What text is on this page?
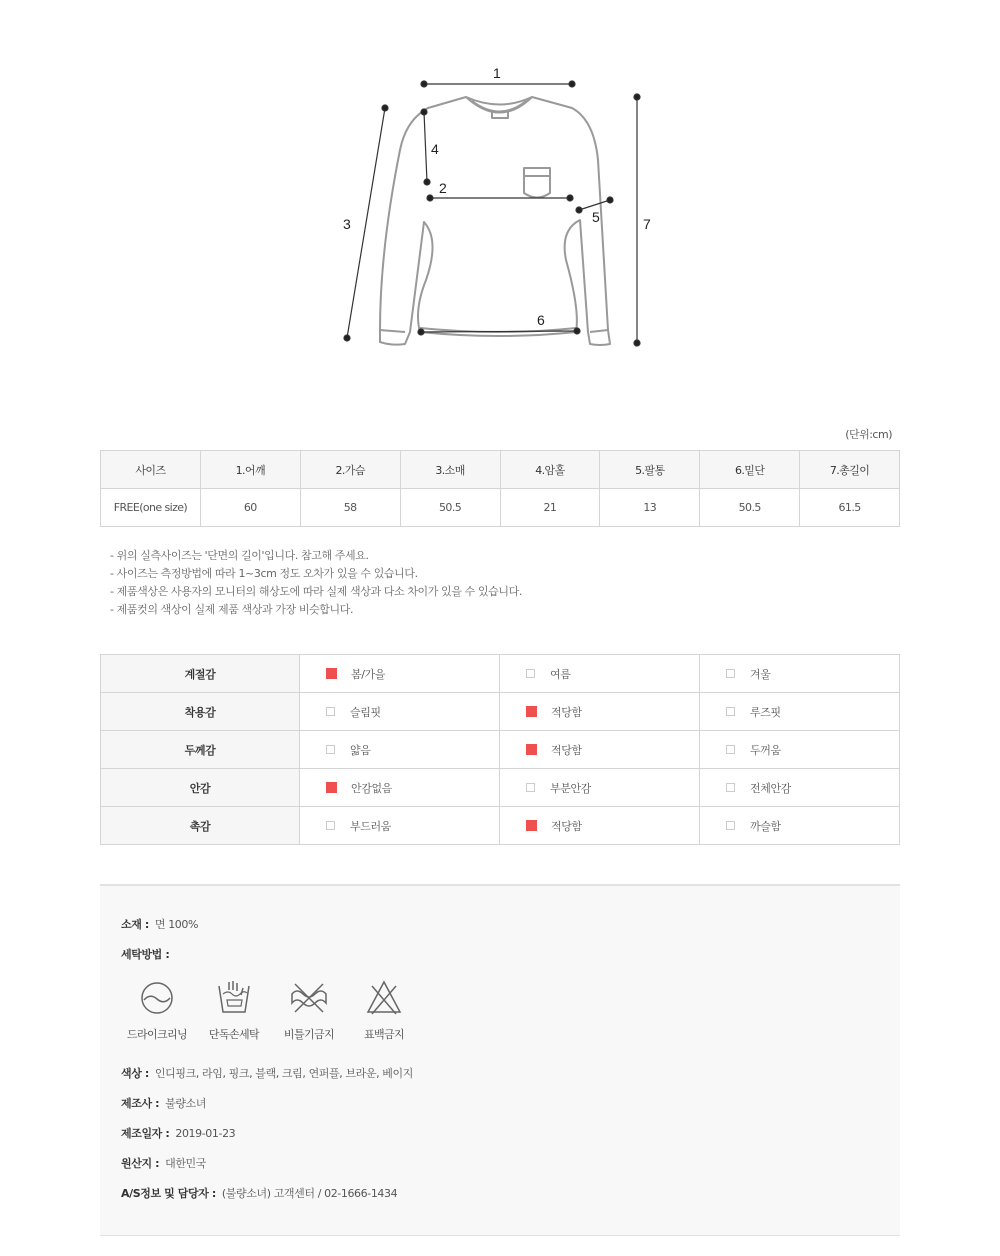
1
2
3
4
5
6
7
(단위:cm)
사이즈	1.어깨	2.가슴	3.소매	4.암홀	5.팔통	6.밑단	7.총길이
FREE(one size)	60	58	50.5	21	13	50.5	61.5
- 위의 실측사이즈는 '단면의 길이'입니다. 참고해 주세요.
- 사이즈는 측정방법에 따라 1~3cm 정도 오차가 있을 수 있습니다.
- 제품색상은 사용자의 모니터의 해상도에 따라 실제 색상과 다소 차이가 있을 수 있습니다.
- 제품컷의 색상이 실제 제품 색상과 가장 비슷합니다.
계절감	봄/가을	여름	겨울

착용감	슬림핏	적당함	루즈핏

두께감	얇음	적당함	두꺼움

안감	안감없음	부분안감	전체안감

촉감	부드러움	적당함	까슬함
소재 : 면 100%
세탁방법 :
드라이크리닝	단독손세탁	비틀기금지	표백금지
색상 : 인디핑크, 라임, 핑크, 블랙, 크림, 연퍼플, 브라운, 베이지
제조사 : 불량소녀
제조일자 : 2019-01-23
원산지 : 대한민국
A/S정보 및 담당자 : (불량소녀) 고객센터 / 02-1666-1434
